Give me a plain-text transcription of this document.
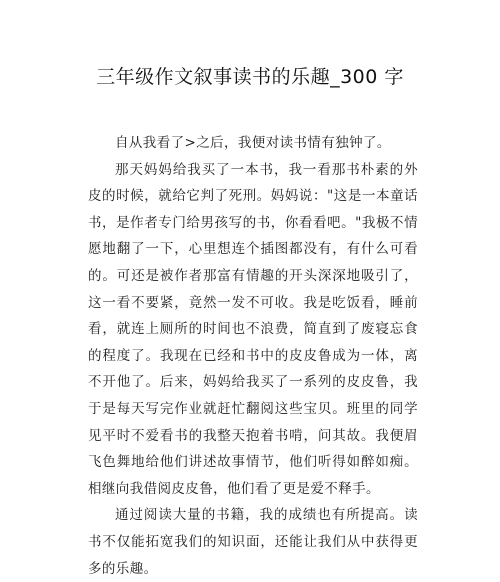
三年级作文叙事读书的乐趣_300 字

自从我看了>之后，我便对读书情有独钟了。

那天妈妈给我买了一本书，我一看那书朴素的外皮的时候，就给它判了死刑。妈妈说："这是一本童话书，是作者专门给男孩写的书，你看看吧。"我极不情愿地翻了一下，心里想连个插图都没有，有什么可看的。可还是被作者那富有情趣的开头深深地吸引了，这一看不要紧，竟然一发不可收。我是吃饭看，睡前看，就连上厕所的时间也不浪费，简直到了废寝忘食的程度了。我现在已经和书中的皮皮鲁成为一体，离不开他了。后来，妈妈给我买了一系列的皮皮鲁，我于是每天写完作业就赶忙翻阅这些宝贝。班里的同学见平时不爱看书的我整天抱着书啃，问其故。我便眉飞色舞地给他们讲述故事情节，他们听得如醉如痴。相继向我借阅皮皮鲁，他们看了更是爱不释手。

通过阅读大量的书籍，我的成绩也有所提高。读书不仅能拓宽我们的知识面，还能让我们从中获得更多的乐趣。
